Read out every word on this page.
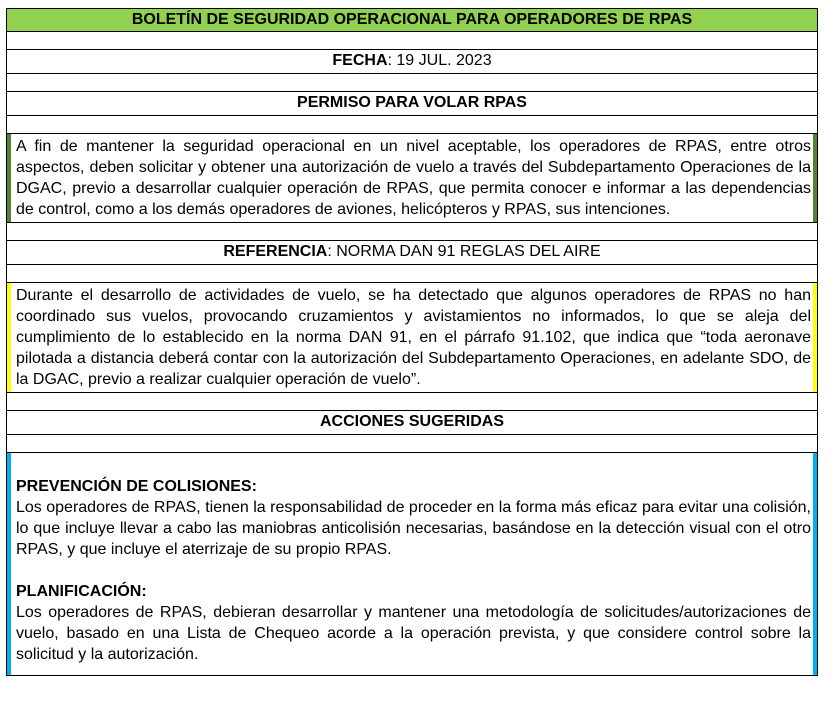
BOLETÍN DE SEGURIDAD OPERACIONAL PARA OPERADORES DE RPAS
FECHA: 19 JUL. 2023
PERMISO PARA VOLAR RPAS
A fin de mantener la seguridad operacional en un nivel aceptable, los operadores de RPAS, entre otros aspectos, deben solicitar y obtener una autorización de vuelo a través del Subdepartamento Operaciones de la DGAC, previo a desarrollar cualquier operación de RPAS, que permita conocer e informar a las dependencias de control, como a los demás operadores de aviones, helicópteros y RPAS, sus intenciones.
REFERENCIA: NORMA DAN 91 REGLAS DEL AIRE
Durante el desarrollo de actividades de vuelo, se ha detectado que algunos operadores de RPAS no han coordinado sus vuelos, provocando cruzamientos y avistamientos no informados, lo que se aleja del cumplimiento de lo establecido en la norma DAN 91, en el párrafo 91.102, que indica que “toda aeronave pilotada a distancia deberá contar con la autorización del Subdepartamento Operaciones, en adelante SDO, de la DGAC, previo a realizar cualquier operación de vuelo”.
ACCIONES SUGERIDAS
PREVENCIÓN DE COLISIONES:
Los operadores de RPAS, tienen la responsabilidad de proceder en la forma más eficaz para evitar una colisión, lo que incluye llevar a cabo las maniobras anticolisión necesarias, basándose en la detección visual con el otro RPAS, y que incluye el aterrizaje de su propio RPAS.
PLANIFICACIÓN:
Los operadores de RPAS, debieran desarrollar y mantener una metodología de solicitudes/autorizaciones de vuelo, basado en una Lista de Chequeo acorde a la operación prevista, y que considere control sobre la solicitud y la autorización.
